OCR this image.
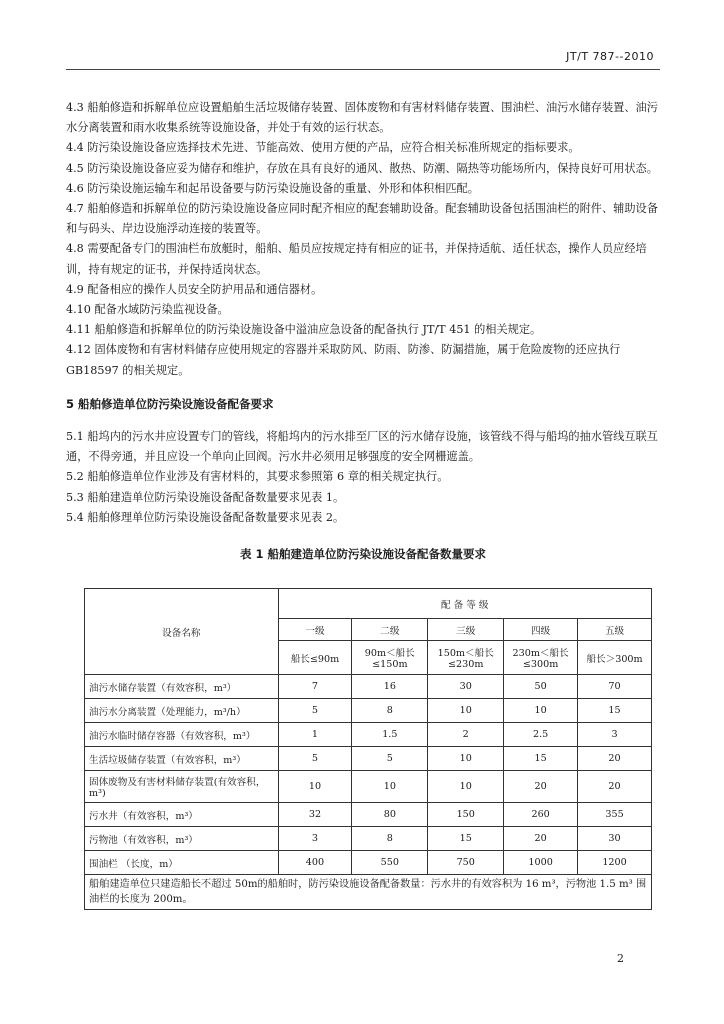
JT/T 787--2010

4.3 船舶修造和拆解单位应设置船舶生活垃圾储存装置、固体废物和有害材料储存装置、围油栏、油污水储存装置、油污水分离装置和雨水收集系统等设施设备，并处于有效的运行状态。

4.4 防污染设施设备应选择技术先进、节能高效、使用方便的产品，应符合相关标准所规定的指标要求。

4.5 防污染设施设备应妥为储存和维护，存放在具有良好的通风、散热、防潮、隔热等功能场所内，保持良好可用状态。

4.6 防污染设施运输车和起吊设备要与防污染设施设备的重量、外形和体积相匹配。

4.7 船舶修造和拆解单位的防污染设施设备应同时配齐相应的配套辅助设备。配套辅助设备包括围油栏的附件、辅助设备和与码头、岸边设施浮动连接的装置等。

4.8 需要配备专门的围油栏布放艇时，船舶、船员应按规定持有相应的证书，并保持适航、适任状态，操作人员应经培训，持有规定的证书，并保持适岗状态。

4.9 配备相应的操作人员安全防护用品和通信器材。

4.10 配备水域防污染监视设备。

4.11 船舶修造和拆解单位的防污染设施设备中溢油应急设备的配备执行 JT/T 451 的相关规定。

4.12 固体废物和有害材料储存应使用规定的容器并采取防风、防雨、防渗、防漏措施，属于危险废物的还应执行 GB18597 的相关规定。

5 船舶修造单位防污染设施设备配备要求

5.1 船坞内的污水井应设置专门的管线，将船坞内的污水排至厂区的污水储存设施，该管线不得与船坞的抽水管线互联互通，不得旁通，并且应设一个单向止回阀。污水井必须用足够强度的安全网栅遮盖。

5.2 船舶修造单位作业涉及有害材料的，其要求参照第 6 章的相关规定执行。

5.3 船舶建造单位防污染设施设备配备数量要求见表 1。

5.4 船舶修理单位防污染设施设备配备数量要求见表 2。

表 1 船舶建造单位防污染设施设备配备数量要求

设备名称	配 备 等 级				
	一级	二级	三级	四级	五级
	船长≤90m	90m＜船长≤150m	150m＜船长≤230m	230m＜船长≤300m	船长＞300m
油污水储存装置（有效容积，m³）	7	16	30	50	70
油污水分离装置（处理能力，m³/h）	5	8	10	10	15
油污水临时储存容器（有效容积，m³）	1	1.5	2	2.5	3
生活垃圾储存装置（有效容积，m³）	5	5	10	15	20
固体废物及有害材料储存装置(有效容积，m³)	10	10	10	20	20
污水井（有效容积，m³）	32	80	150	260	355
污物池（有效容积，m³）	3	8	15	20	30
围油栏 （长度，m）	400	550	750	1000	1200
船舶建造单位只建造船长不超过 50m的船舶时，防污染设施设备配备数量：污水井的有效容积为 16 m³，污物池 1.5 m³ 围油栏的长度为 200m。					
2
